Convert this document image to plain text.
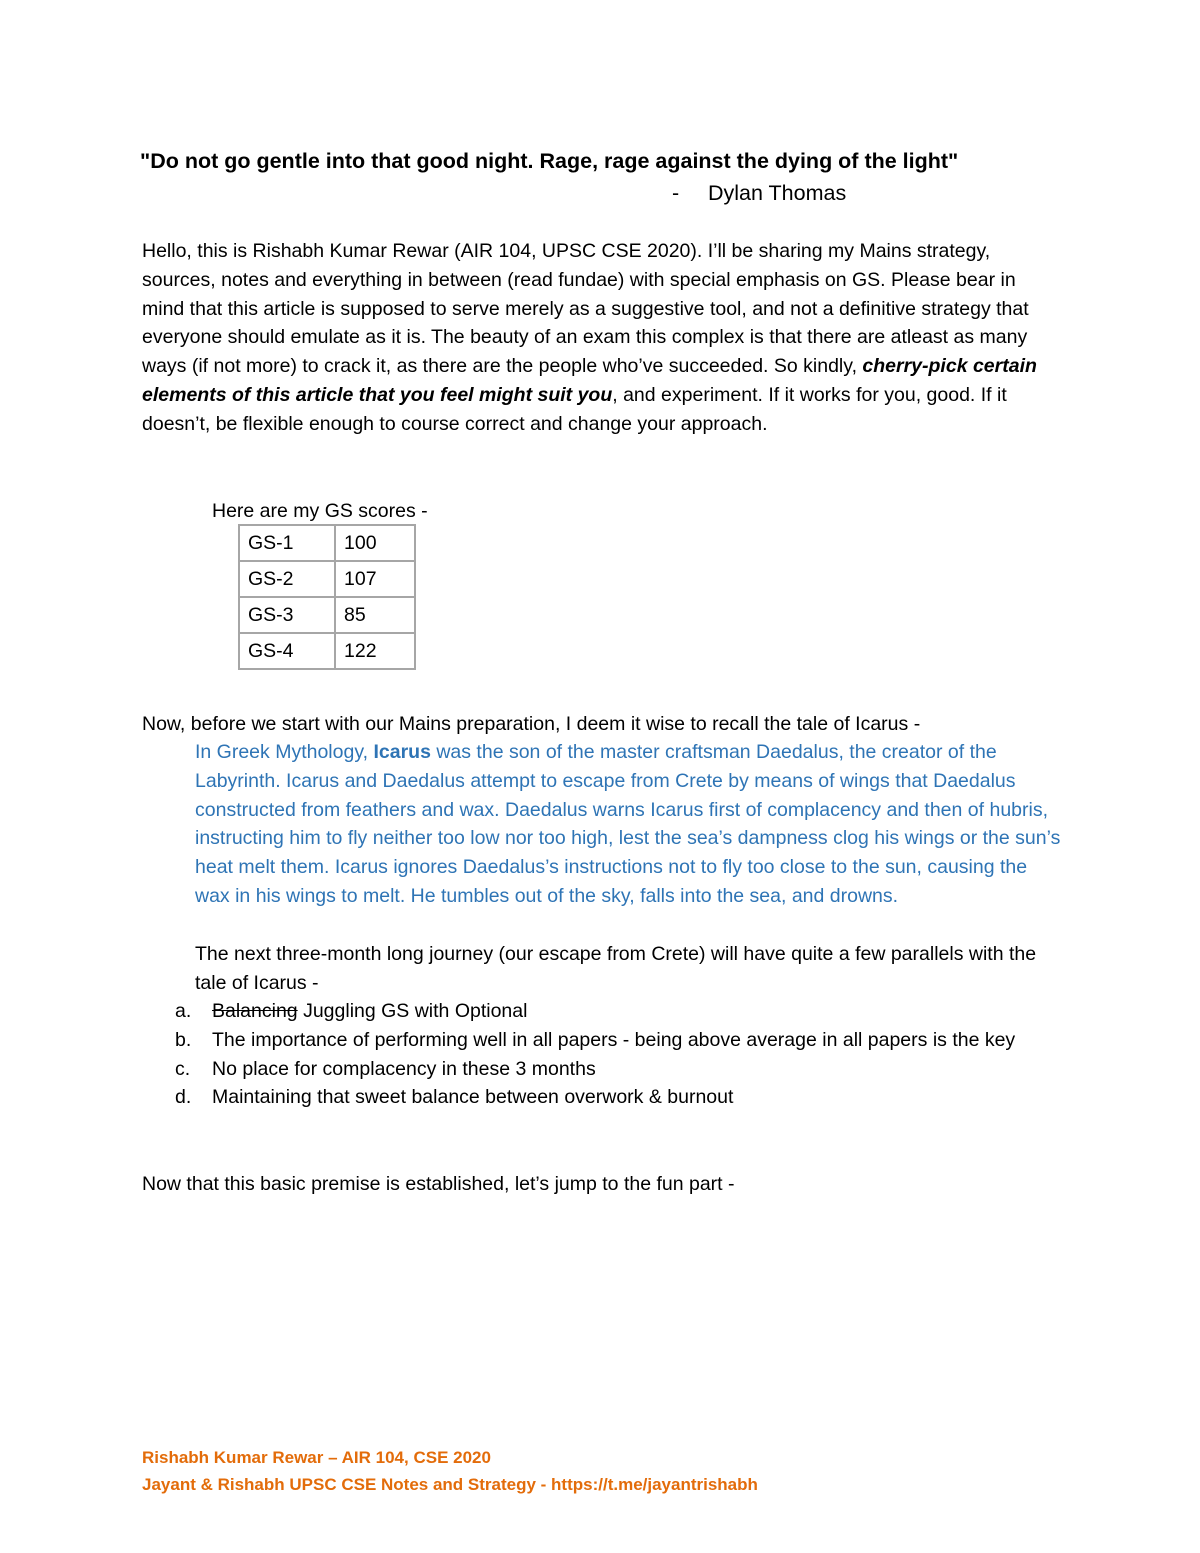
"Do not go gentle into that good night. Rage, rage against the dying of the light"
- Dylan Thomas

Hello, this is Rishabh Kumar Rewar (AIR 104, UPSC CSE 2020). I’ll be sharing my Mains strategy, sources, notes and everything in between (read fundae) with special emphasis on GS. Please bear in mind that this article is supposed to serve merely as a suggestive tool, and not a definitive strategy that everyone should emulate as it is. The beauty of an exam this complex is that there are atleast as many ways (if not more) to crack it, as there are the people who’ve succeeded. So kindly, cherry-pick certain elements of this article that you feel might suit you, and experiment. If it works for you, good. If it doesn’t, be flexible enough to course correct and change your approach.

Here are my GS scores -
GS-1	100
GS-2	107
GS-3	85
GS-4	122

Now, before we start with our Mains preparation, I deem it wise to recall the tale of Icarus -

In Greek Mythology, Icarus was the son of the master craftsman Daedalus, the creator of the Labyrinth. Icarus and Daedalus attempt to escape from Crete by means of wings that Daedalus constructed from feathers and wax. Daedalus warns Icarus first of complacency and then of hubris, instructing him to fly neither too low nor too high, lest the sea’s dampness clog his wings or the sun’s heat melt them. Icarus ignores Daedalus’s instructions not to fly too close to the sun, causing the wax in his wings to melt. He tumbles out of the sky, falls into the sea, and drowns.

The next three-month long journey (our escape from Crete) will have quite a few parallels with the tale of Icarus -

a. Balancing Juggling GS with Optional
b. The importance of performing well in all papers - being above average in all papers is the key
c. No place for complacency in these 3 months
d. Maintaining that sweet balance between overwork & burnout

Now that this basic premise is established, let’s jump to the fun part -

Rishabh Kumar Rewar – AIR 104, CSE 2020
Jayant & Rishabh UPSC CSE Notes and Strategy - https://t.me/jayantrishabh
